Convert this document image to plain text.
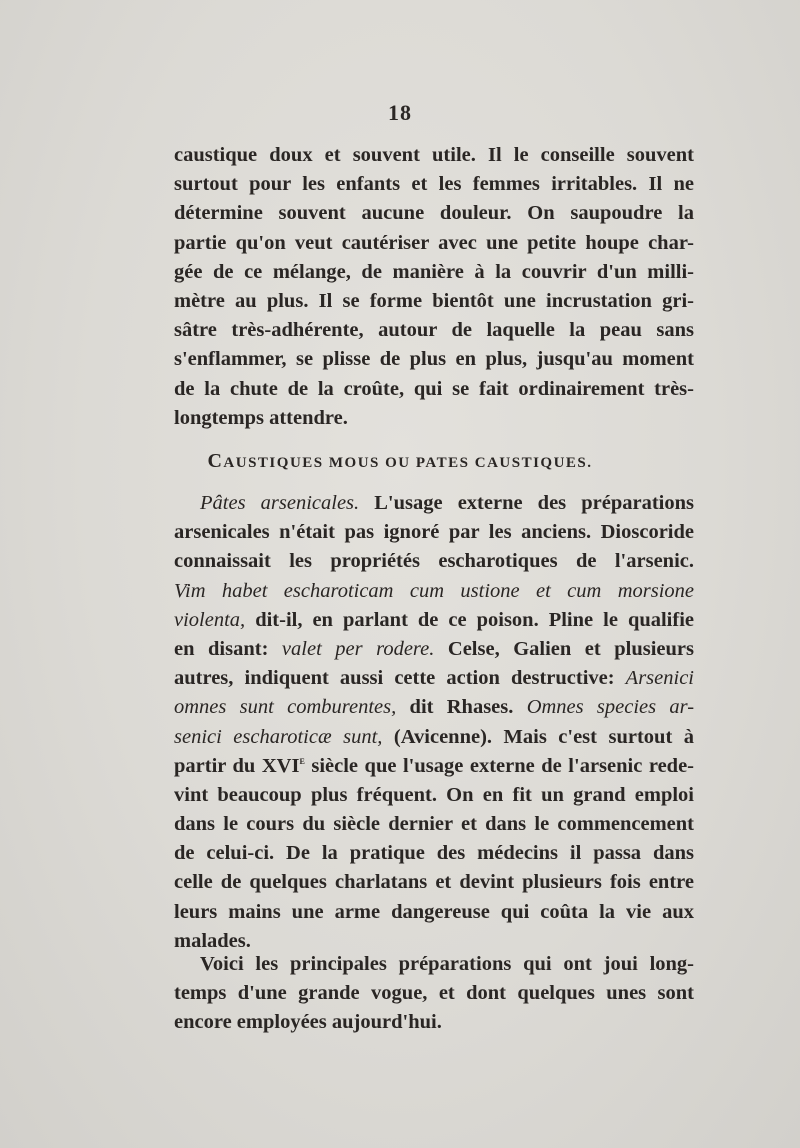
18
caustique doux et souvent utile. Il le conseille souvent
surtout pour les enfants et les femmes irritables. Il ne
détermine souvent aucune douleur. On saupoudre la
partie qu'on veut cautériser avec une petite houpe char-
gée de ce mélange, de manière à la couvrir d'un milli-
mètre au plus. Il se forme bientôt une incrustation gri-
sâtre très-adhérente, autour de laquelle la peau sans
s'enflammer, se plisse de plus en plus, jusqu'au moment
de la chute de la croûte, qui se fait ordinairement très-
longtemps attendre.
CAUSTIQUES MOUS OU PATES CAUSTIQUES.
Pâtes arsenicales. L'usage externe des préparations
arsenicales n'était pas ignoré par les anciens. Dioscoride
connaissait les propriétés escharotiques de l'arsenic.
Vim habet escharoticam cum ustione et cum morsione
violenta, dit-il, en parlant de ce poison. Pline le qualifie
en disant: valet per rodere. Celse, Galien et plusieurs
autres, indiquent aussi cette action destructive: Arsenici
omnes sunt comburentes, dit Rhases. Omnes species ar-
senici escharoticæ sunt, (Avicenne). Mais c'est surtout à
partir du XVIe siècle que l'usage externe de l'arsenic rede-
vint beaucoup plus fréquent. On en fit un grand emploi
dans le cours du siècle dernier et dans le commencement
de celui-ci. De la pratique des médecins il passa dans
celle de quelques charlatans et devint plusieurs fois entre
leurs mains une arme dangereuse qui coûta la vie aux
malades.
Voici les principales préparations qui ont joui long-
temps d'une grande vogue, et dont quelques unes sont
encore employées aujourd'hui.
